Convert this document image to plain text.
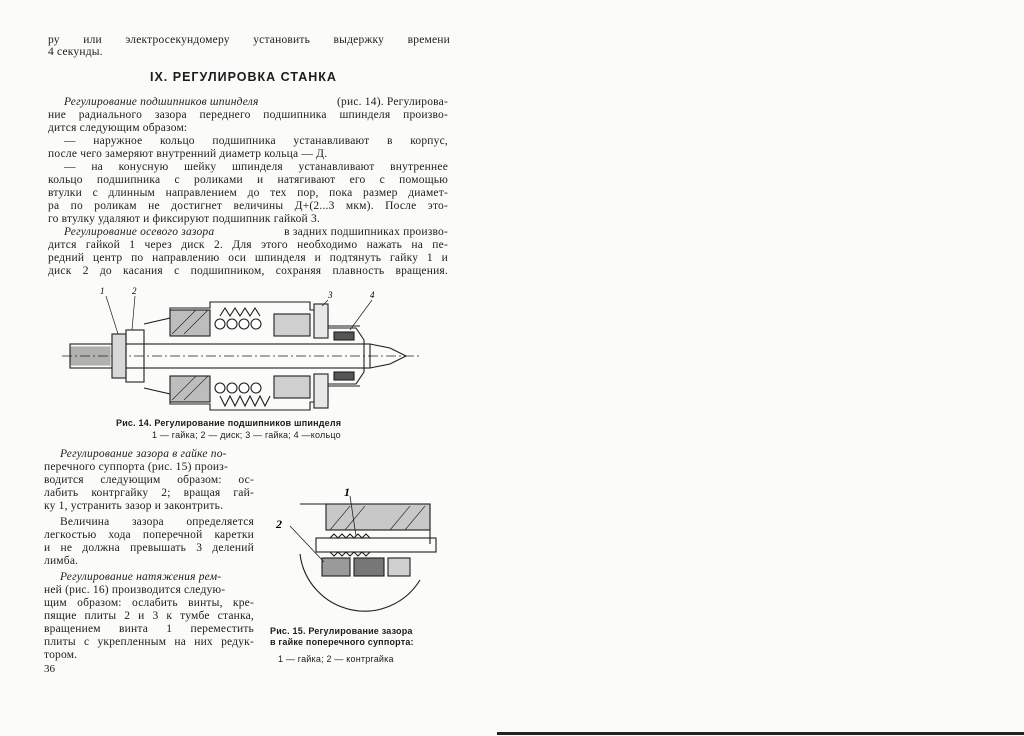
ру или электросекундомеру установить выдержку времени
4 секунды.
IX. РЕГУЛИРОВКА СТАНКА
Регулирование подшипников шпинделя	(рис. 14). Регулирова-
ние радиального зазора переднего подшипника шпинделя произво-
дится следующим образом:
— наружное кольцо подшипника устанавливают в корпус,
после чего замеряют внутренний диаметр кольца — Д.
— на конусную шейку шпинделя устанавливают внутреннее
кольцо подшипника с роликами и натягивают его с помощью
втулки с длинным направлением до тех пор, пока размер диамет-
ра по роликам не достигнет величины Д+(2...3 мкм). После это-
го втулку удаляют и фиксируют подшипник гайкой 3.
Регулирование осевого зазора	в задних подшипниках произво-
дится гайкой 1 через диск 2. Для этого необходимо нажать на пе-
редний центр по направлению оси шпинделя и подтянуть гайку 1 и
диск 2 до касания с подшипником, сохраняя плавность вращения.
1	2	3	4
Рис. 14. Регулирование подшипников шпинделя
1 — гайка; 2 — диск; 3 — гайка; 4 —кольцо
Регулирование зазора в гайке по-
перечного суппорта (рис. 15) произ-
водится следующим образом: ос-
лабить контргайку 2; вращая гай-
ку 1, устранить зазор и законтрить.
Величина зазора определяется
легкостью хода поперечной каретки
и не должна превышать 3 делений
лимба.
Регулирование натяжения рем-
ней (рис. 16) производится следую-
щим образом: ослабить винты, кре-
пящие плиты 2 и 3 к тумбе станка,
вращением винта 1 переместить
плиты с укрепленным на них редук-
тором.
1
2
Рис. 15. Регулирование зазора
в гайке поперечного суппорта:
1 — гайка; 2 — контргайка
36
